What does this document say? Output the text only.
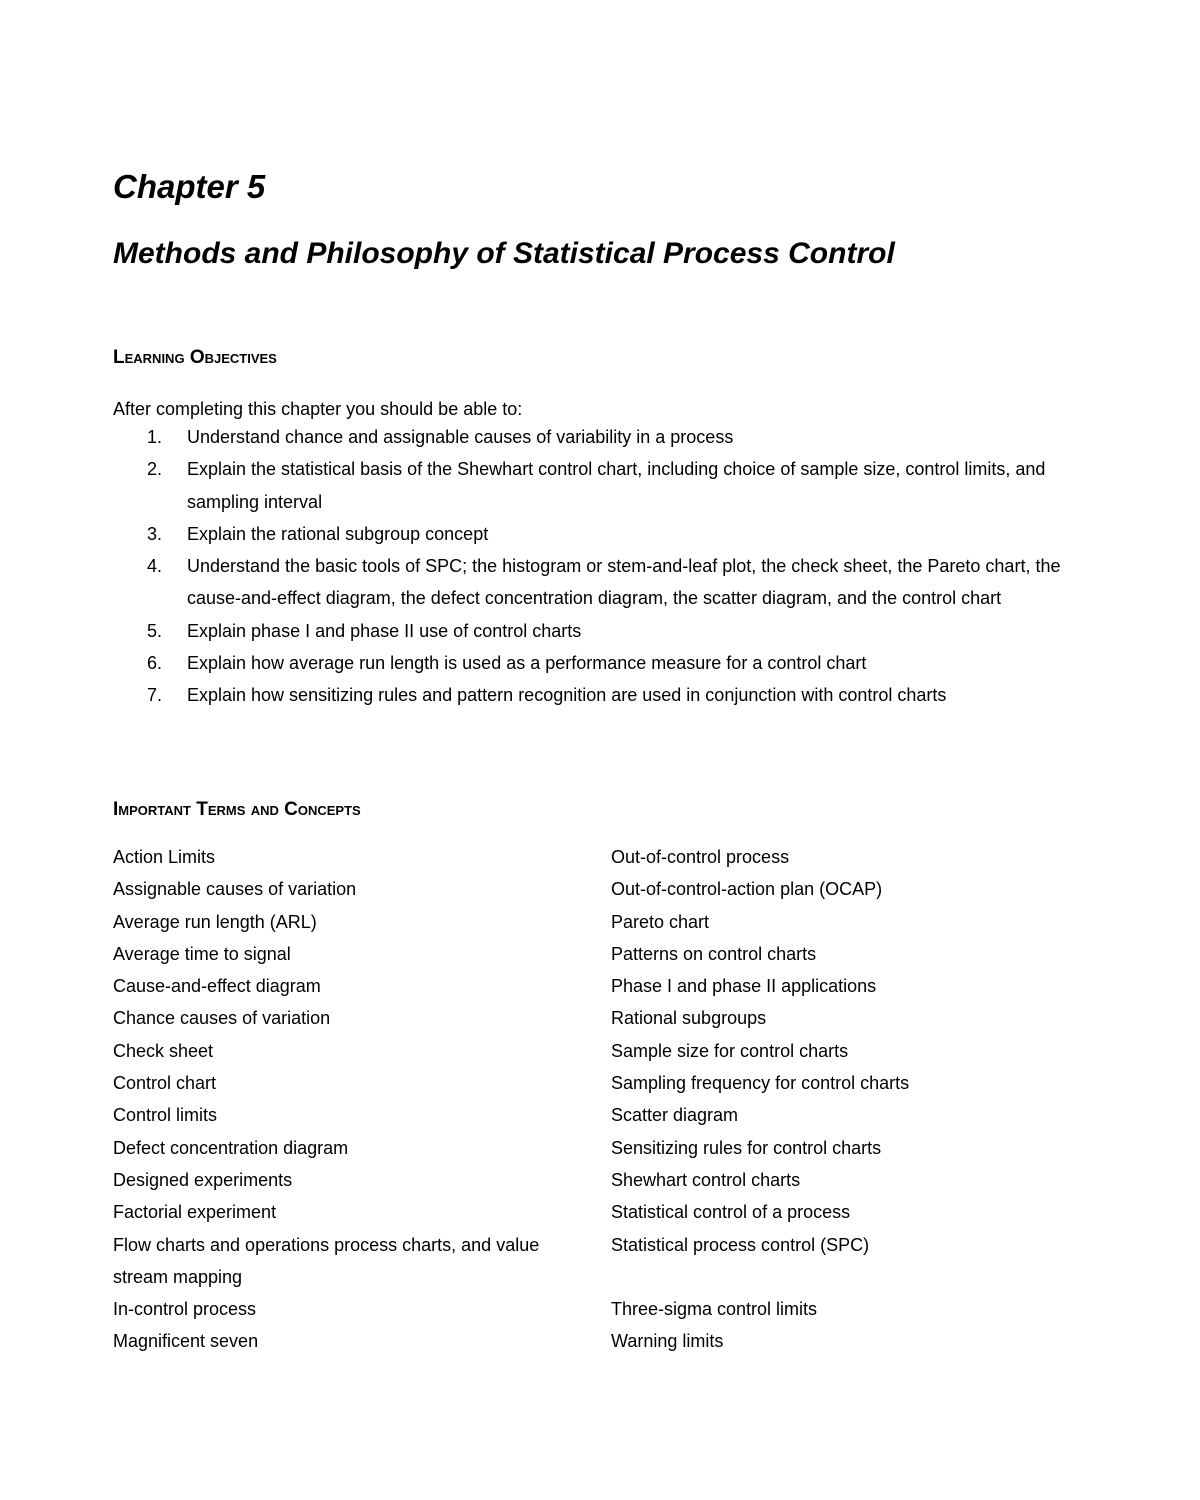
Chapter 5
Methods and Philosophy of Statistical Process Control
Learning Objectives

After completing this chapter you should be able to:

1. Understand chance and assignable causes of variability in a process
2. Explain the statistical basis of the Shewhart control chart, including choice of sample size, control limits, and sampling interval
3. Explain the rational subgroup concept
4. Understand the basic tools of SPC; the histogram or stem-and-leaf plot, the check sheet, the Pareto chart, the cause-and-effect diagram, the defect concentration diagram, the scatter diagram, and the control chart
5. Explain phase I and phase II use of control charts
6. Explain how average run length is used as a performance measure for a control chart
7. Explain how sensitizing rules and pattern recognition are used in conjunction with control charts
Important Terms and Concepts
Action Limits
Assignable causes of variation
Average run length (ARL)
Average time to signal
Cause-and-effect diagram
Chance causes of variation
Check sheet
Control chart
Control limits
Defect concentration diagram
Designed experiments
Factorial experiment
Flow charts and operations process charts, and value stream mapping
In-control process
Magnificent seven
Out-of-control process
Out-of-control-action plan (OCAP)
Pareto chart
Patterns on control charts
Phase I and phase II applications
Rational subgroups
Sample size for control charts
Sampling frequency for control charts
Scatter diagram
Sensitizing rules for control charts
Shewhart control charts
Statistical control of a process
Statistical process control (SPC)
Three-sigma control limits
Warning limits
